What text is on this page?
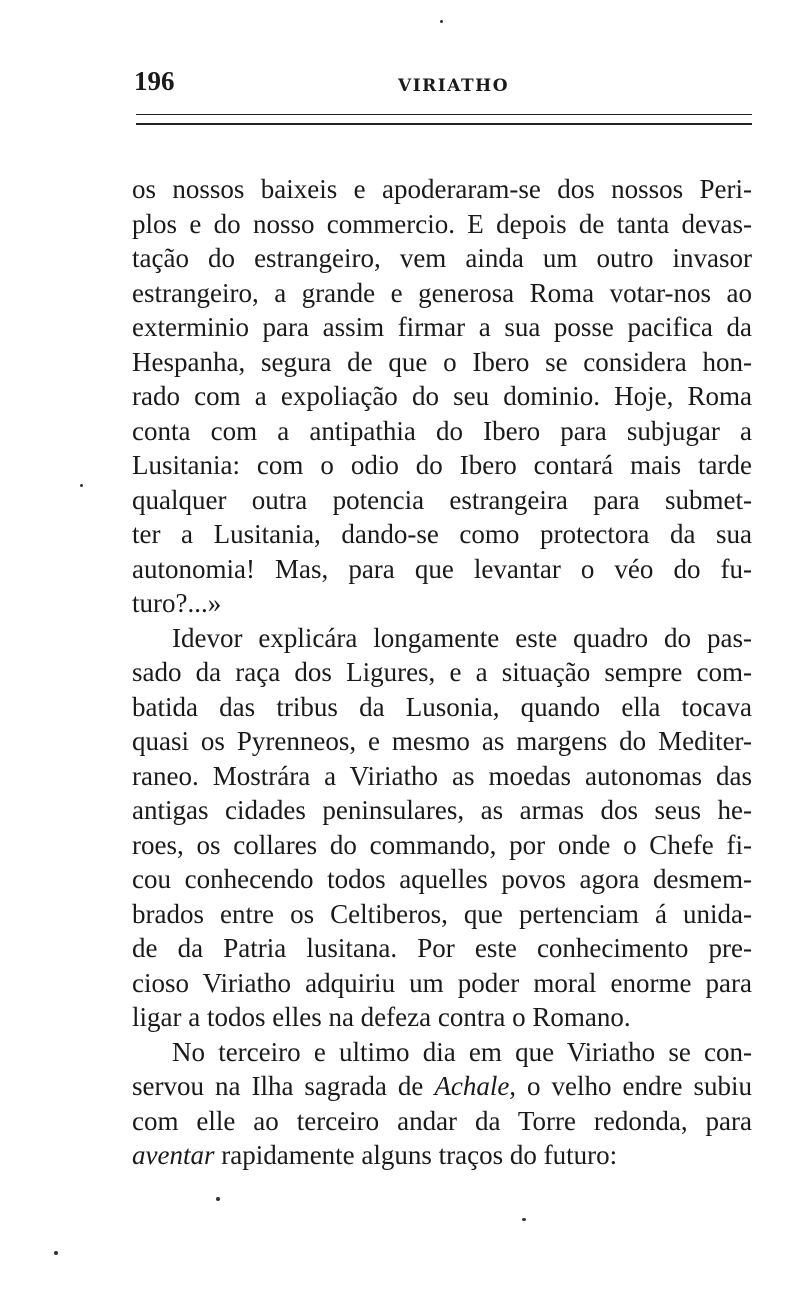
196	VIRIATHO
os nossos baixeis e apoderaram-se dos nossos Peri-
plos e do nosso commercio. E depois de tanta devas-
tação do estrangeiro, vem ainda um outro invasor
estrangeiro, a grande e generosa Roma votar-nos ao
exterminio para assim firmar a sua posse pacifica da
Hespanha, segura de que o Ibero se considera hon-
rado com a expoliação do seu dominio. Hoje, Roma
conta com a antipathia do Ibero para subjugar a
Lusitania: com o odio do Ibero contará mais tarde
qualquer outra potencia estrangeira para submet-
ter a Lusitania, dando-se como protectora da sua
autonomia! Mas, para que levantar o véo do fu-
turo?...»
Idevor explicára longamente este quadro do pas-
sado da raça dos Ligures, e a situação sempre com-
batida das tribus da Lusonia, quando ella tocava
quasi os Pyrenneos, e mesmo as margens do Mediter-
raneo. Mostrára a Viriatho as moedas autonomas das
antigas cidades peninsulares, as armas dos seus he-
roes, os collares do commando, por onde o Chefe fi-
cou conhecendo todos aquelles povos agora desmem-
brados entre os Celtiberos, que pertenciam á unida-
de da Patria lusitana. Por este conhecimento pre-
cioso Viriatho adquiriu um poder moral enorme para
ligar a todos elles na defeza contra o Romano.
No terceiro e ultimo dia em que Viriatho se con-
servou na Ilha sagrada de Achale, o velho endre subiu
com elle ao terceiro andar da Torre redonda, para
aventar rapidamente alguns traços do futuro:
